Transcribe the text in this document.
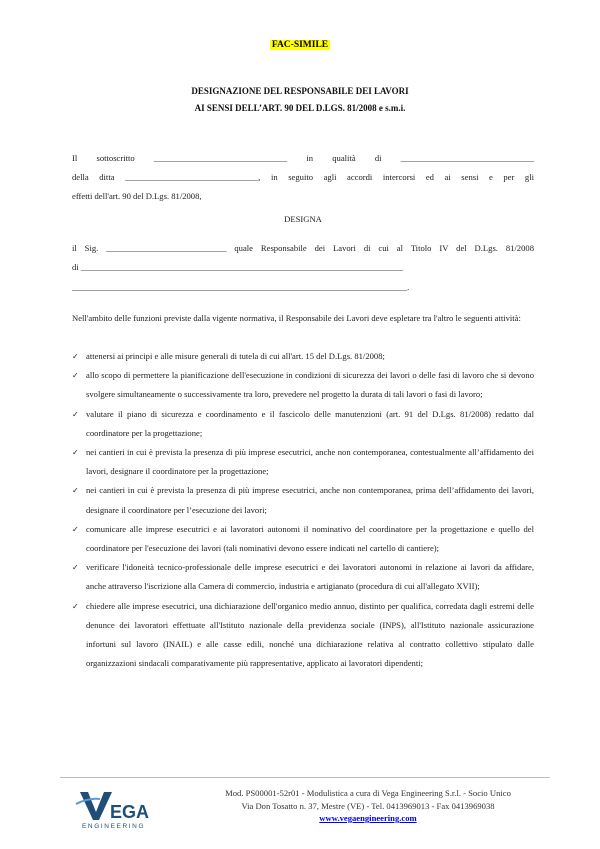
FAC-SIMILE
DESIGNAZIONE DEL RESPONSABILE DEI LAVORI
AI SENSI DELL’ART. 90 DEL D.LGS. 81/2008 e s.m.i.
Il sottoscritto _______________________________ in qualità di _______________________________
della ditta _______________________________, in seguito agli accordi intercorsi ed ai sensi e per gli
effetti dell'art. 90 del D.Lgs. 81/2008,
DESIGNA
il Sig. ____________________________ quale Responsabile dei Lavori di cui al Titolo IV del D.Lgs. 81/2008
di ___________________________________________________________________________
______________________________________________________________________________.
Nell'ambito delle funzioni previste dalla vigente normativa, il Responsabile dei Lavori deve espletare tra l'altro le seguenti attività:
✓ attenersi ai principi e alle misure generali di tutela di cui all'art. 15 del D.Lgs. 81/2008;
✓ allo scopo di permettere la pianificazione dell'esecuzione in condizioni di sicurezza dei lavori o delle fasi di lavoro che si devono svolgere simultaneamente o successivamente tra loro, prevedere nel progetto la durata di tali lavori o fasi di lavoro;
✓ valutare il piano di sicurezza e coordinamento e il fascicolo delle manutenzioni (art. 91 del D.Lgs. 81/2008) redatto dal coordinatore per la progettazione;
✓ nei cantieri in cui è prevista la presenza di più imprese esecutrici, anche non contemporanea, contestualmente all’affidamento dei lavori, designare il coordinatore per la progettazione;
✓ nei cantieri in cui è prevista la presenza di più imprese esecutrici, anche non contemporanea, prima dell’affidamento dei lavori, designare il coordinatore per l’esecuzione dei lavori;
✓ comunicare alle imprese esecutrici e ai lavoratori autonomi il nominativo del coordinatore per la progettazione e quello del coordinatore per l'esecuzione dei lavori (tali nominativi devono essere indicati nel cartello di cantiere);
✓ verificare l'idoneità tecnico-professionale delle imprese esecutrici e dei lavoratori autonomi in relazione ai lavori da affidare, anche attraverso l'iscrizione alla Camera di commercio, industria e artigianato (procedura di cui all'allegato XVII);
✓ chiedere alle imprese esecutrici, una dichiarazione dell'organico medio annuo, distinto per qualifica, corredata dagli estremi delle denunce dei lavoratori effettuate all'Istituto nazionale della previdenza sociale (INPS), all'Istituto nazionale assicurazione infortuni sul lavoro (INAIL) e alle casse edili, nonché una dichiarazione relativa al contratto collettivo stipulato dalle organizzazioni sindacali comparativamente più rappresentative, applicato ai lavoratori dipendenti;
EGA
ENGINEERING
Mod. PS00001-52r01 - Modulistica a cura di Vega Engineering S.r.l. - Socio Unico
Via Don Tosatto n. 37, Mestre (VE) - Tel. 0413969013 - Fax 0413969038
www.vegaengineering.com
